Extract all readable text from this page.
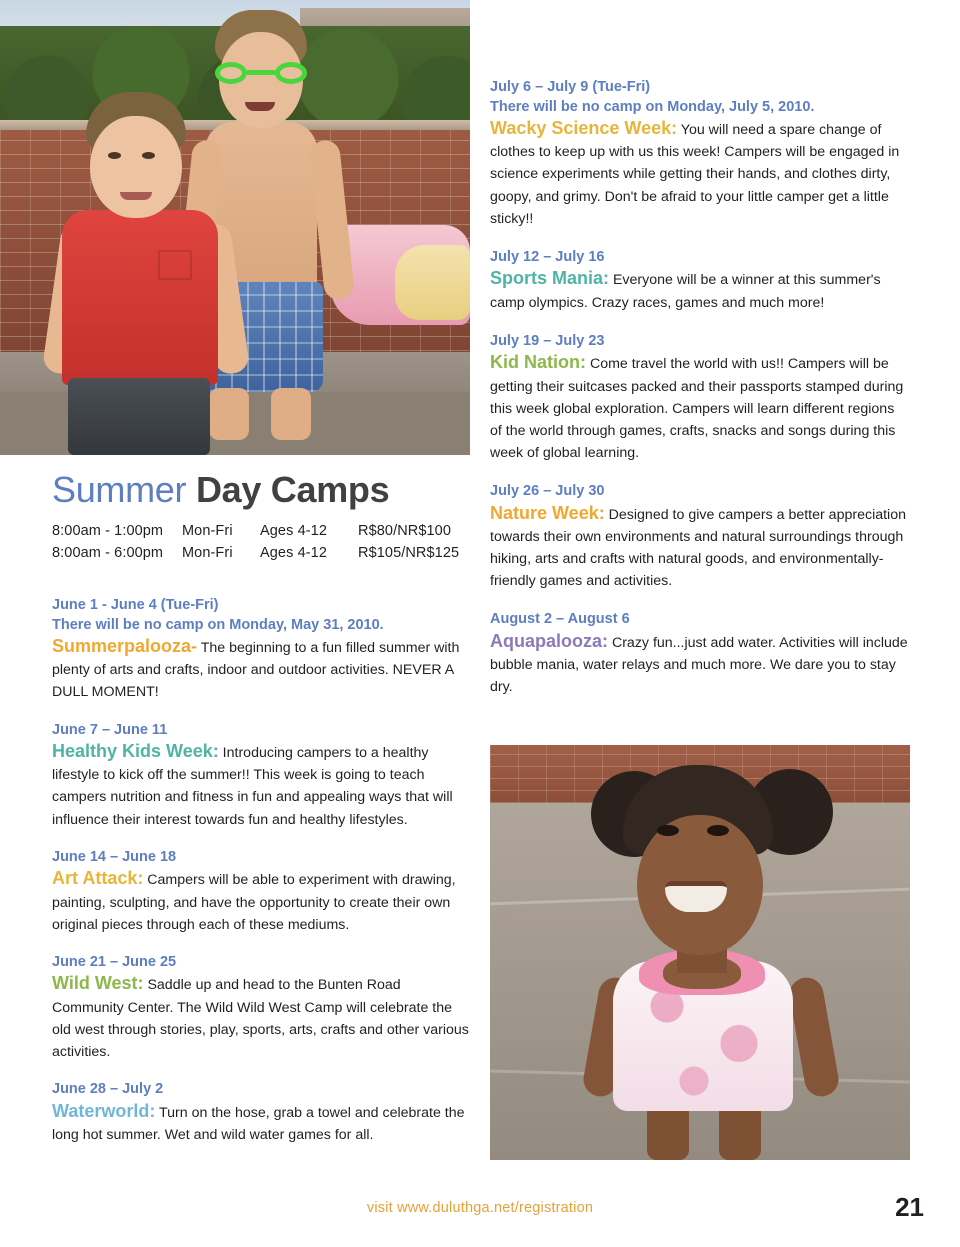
Summer Day Camps
8:00am - 1:00pm Mon-Fri Ages 4-12 R$80/NR$100
8:00am - 6:00pm Mon-Fri Ages 4-12 R$105/NR$125
June 1 - June 4 (Tue-Fri)
There will be no camp on Monday, May 31, 2010.
Summerpalooza- The beginning to a fun filled summer with plenty of arts and crafts, indoor and outdoor activities. NEVER A DULL MOMENT!
June 7 – June 11
Healthy Kids Week: Introducing campers to a healthy lifestyle to kick off the summer!! This week is going to teach campers nutrition and fitness in fun and appealing ways that will influence their interest towards fun and healthy lifestyles.
June 14 – June 18
Art Attack: Campers will be able to experiment with drawing, painting, sculpting, and have the opportunity to create their own original pieces through each of these mediums.
June 21 – June 25
Wild West: Saddle up and head to the Bunten Road Community Center. The Wild Wild West Camp will celebrate the old west through stories, play, sports, arts, crafts and other various activities.
June 28 – July 2
Waterworld: Turn on the hose, grab a towel and celebrate the long hot summer. Wet and wild water games for all.
July 6 – July 9 (Tue-Fri)
There will be no camp on Monday, July 5, 2010.
Wacky Science Week: You will need a spare change of clothes to keep up with us this week! Campers will be engaged in science experiments while getting their hands, and clothes dirty, goopy, and grimy. Don't be afraid to your little camper get a little sticky!!
July 12 – July 16
Sports Mania: Everyone will be a winner at this summer's camp olympics. Crazy races, games and much more!
July 19 – July 23
Kid Nation: Come travel the world with us!! Campers will be getting their suitcases packed and their passports stamped during this week global exploration. Campers will learn different regions of the world through games, crafts, snacks and songs during this week of global learning.
July 26 – July 30
Nature Week: Designed to give campers a better appreciation towards their own environments and natural surroundings through hiking, arts and crafts with natural goods, and environmentally-friendly games and activities.
August 2 – August 6
Aquapalooza: Crazy fun...just add water. Activities will include bubble mania, water relays and much more. We dare you to stay dry.
visit www.duluthga.net/registration	21
